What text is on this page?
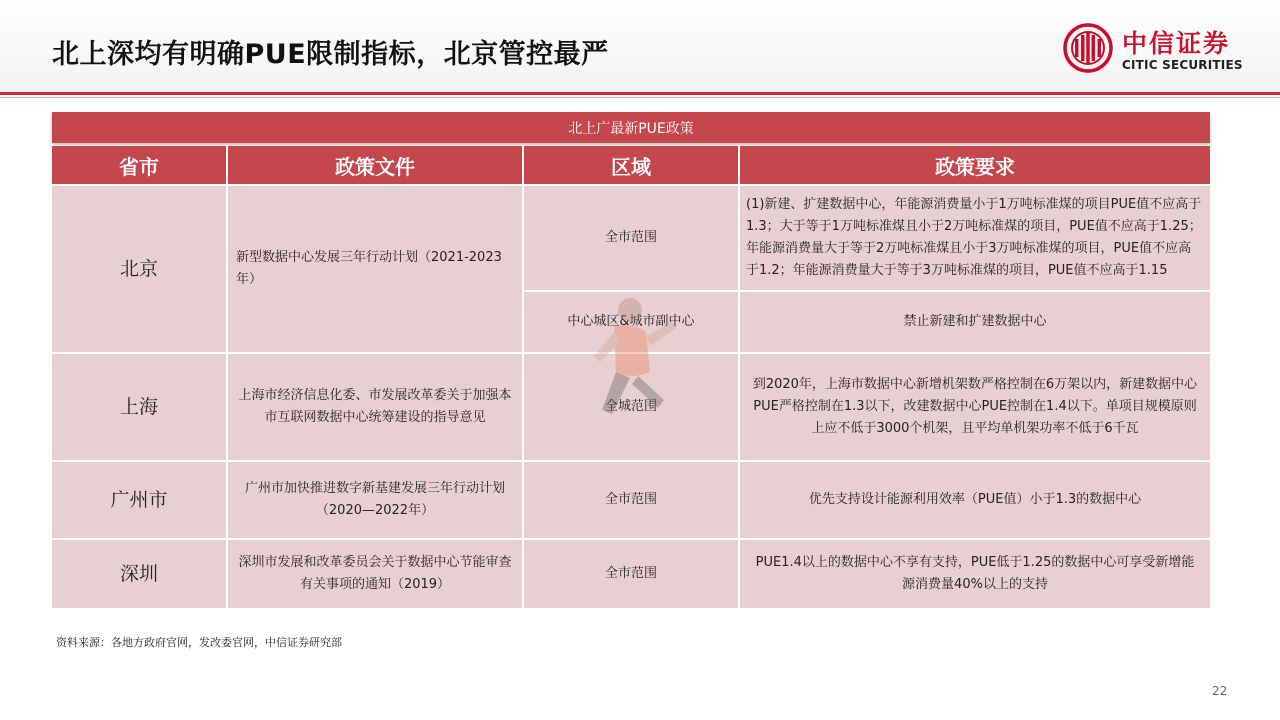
北上深均有明确PUE限制指标，北京管控最严	中信证券
CITIC SECURITIES
北上广最新PUE政策
省市	政策文件	区域	政策要求
北京	新型数据中心发展三年行动计划（2021-2023年）	全市范围	(1)新建、扩建数据中心，年能源消费量小于1万吨标准煤的项目PUE值不应高于1.3；大于等于1万吨标准煤且小于2万吨标准煤的项目，PUE值不应高于1.25；年能源消费量大于等于2万吨标准煤且小于3万吨标准煤的项目，PUE值不应高于1.2；年能源消费量大于等于3万吨标准煤的项目，PUE值不应高于1.15
		中心城区&城市副中心	禁止新建和扩建数据中心
上海	上海市经济信息化委、市发展改革委关于加强本市互联网数据中心统筹建设的指导意见	全城范围	到2020年，上海市数据中心新增机架数严格控制在6万架以内，新建数据中心PUE严格控制在1.3以下，改建数据中心PUE控制在1.4以下。单项目规模原则上应不低于3000个机架，且平均单机架功率不低于6千瓦
广州市	广州市加快推进数字新基建发展三年行动计划（2020—2022年）	全市范围	优先支持设计能源利用效率（PUE值）小于1.3的数据中心
深圳	深圳市发展和改革委员会关于数据中心节能审查有关事项的通知（2019）	全市范围	PUE1.4以上的数据中心不享有支持，PUE低于1.25的数据中心可享受新增能源消费量40%以上的支持
资料来源：各地方政府官网，发改委官网，中信证券研究部
22
